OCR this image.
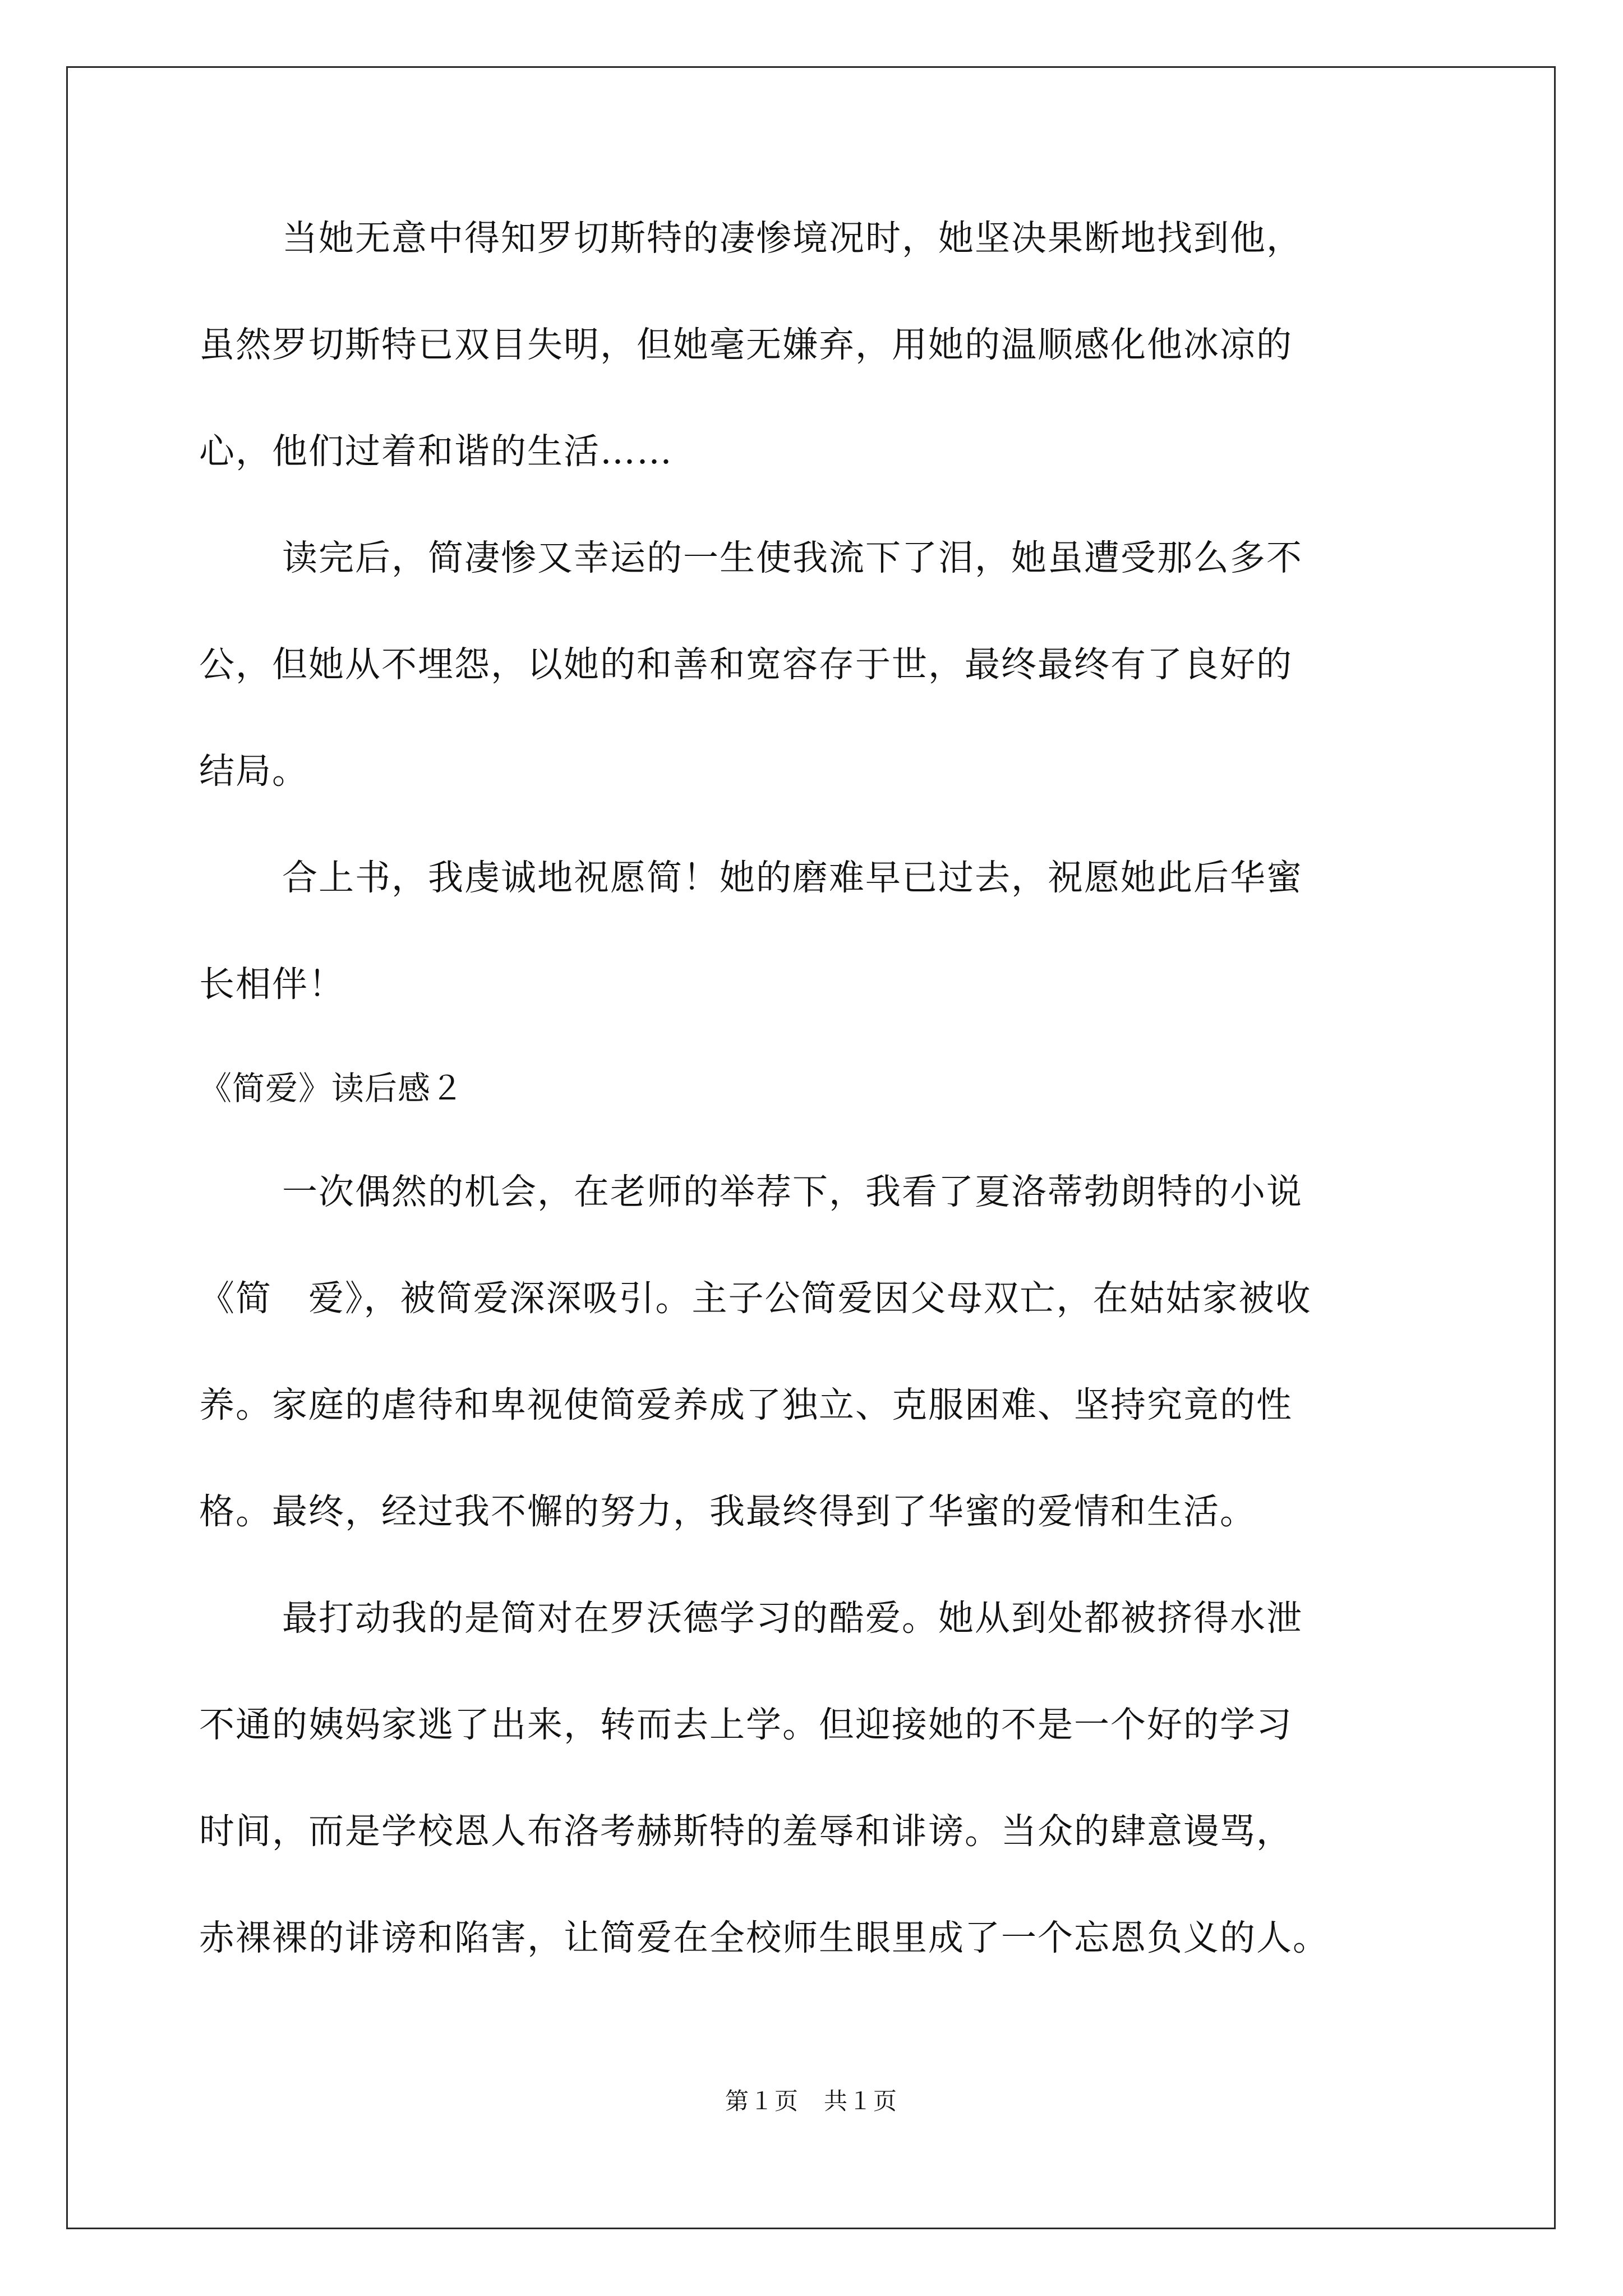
当她无意中得知罗切斯特的凄惨境况时，她坚决果断地找到他，
虽然罗切斯特已双目失明，但她毫无嫌弃，用她的温顺感化他冰凉的
心，他们过着和谐的生活……
读完后，简凄惨又幸运的一生使我流下了泪，她虽遭受那么多不
公，但她从不埋怨，以她的和善和宽容存于世，最终最终有了良好的
结局。
合上书，我虔诚地祝愿简！她的磨难早已过去，祝愿她此后华蜜
长相伴！
《简爱》读后感２
一次偶然的机会，在老师的举荐下，我看了夏洛蒂勃朗特的小说
《简　爱》，被简爱深深吸引。主子公简爱因父母双亡，在姑姑家被收
养。家庭的虐待和卑视使简爱养成了独立、克服困难、坚持究竟的性
格。最终，经过我不懈的努力，我最终得到了华蜜的爱情和生活。
最打动我的是简对在罗沃德学习的酷爱。她从到处都被挤得水泄
不通的姨妈家逃了出来，转而去上学。但迎接她的不是一个好的学习
时间，而是学校恩人布洛考赫斯特的羞辱和诽谤。当众的肆意谩骂，
赤裸裸的诽谤和陷害，让简爱在全校师生眼里成了一个忘恩负义的人。
第１页　共１页
